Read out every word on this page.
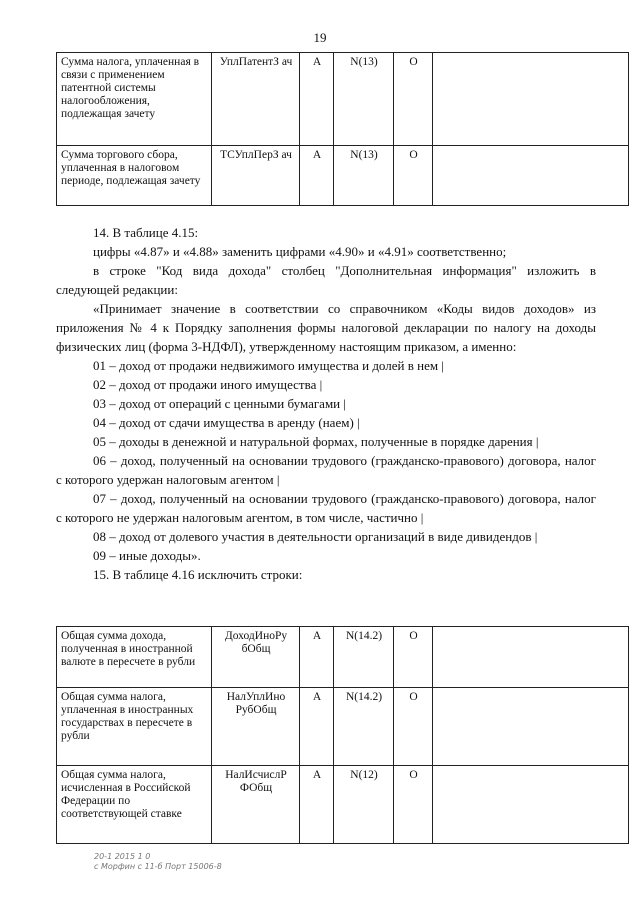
19
Сумма налога, уплаченная в связи с применением патентной системы налогообложения, подлежащая зачету	УплПатентЗ ач	А	N(13)	О	
Сумма торгового сбора, уплаченная в налоговом периоде, подлежащая зачету	ТСУплПерЗ ач	А	N(13)	О	

14. В таблице 4.15:

цифры «4.87» и «4.88» заменить цифрами «4.90» и «4.91» соответственно;

в строке "Код вида дохода" столбец "Дополнительная информация" изложить в следующей редакции:

«Принимает значение в соответствии со справочником «Коды видов доходов» из приложения № 4 к Порядку заполнения формы налоговой декларации по налогу на доходы физических лиц (форма 3-НДФЛ), утвержденному настоящим приказом, а именно:

01 – доход от продажи недвижимого имущества и долей в нем |

02 – доход от продажи иного имущества |

03 – доход от операций с ценными бумагами |

04 – доход от сдачи имущества в аренду (наем) |

05 – доходы в денежной и натуральной формах, полученные в порядке дарения |

06 – доход, полученный на основании трудового (гражданско-правового) договора, налог с которого удержан налоговым агентом |

07 – доход, полученный на основании трудового (гражданско-правового) договора, налог с которого не удержан налоговым агентом, в том числе, частично |

08 – доход от долевого участия в деятельности организаций в виде дивидендов |

09 – иные доходы».

15. В таблице 4.16 исключить строки:

Общая сумма дохода, полученная в иностранной валюте в пересчете в рубли	ДоходИноРу бОбщ	А	N(14.2)	О	
Общая сумма налога, уплаченная в иностранных государствах в пересчете в рубли	НалУплИно РубОбщ	А	N(14.2)	О	
Общая сумма налога, исчисленная в Российской Федерации по соответствующей ставке	НалИсчислР ФОбщ	А	N(12)	О	
20-1 2015 1 0
с Морфин с 11-б Порт 15006-8
